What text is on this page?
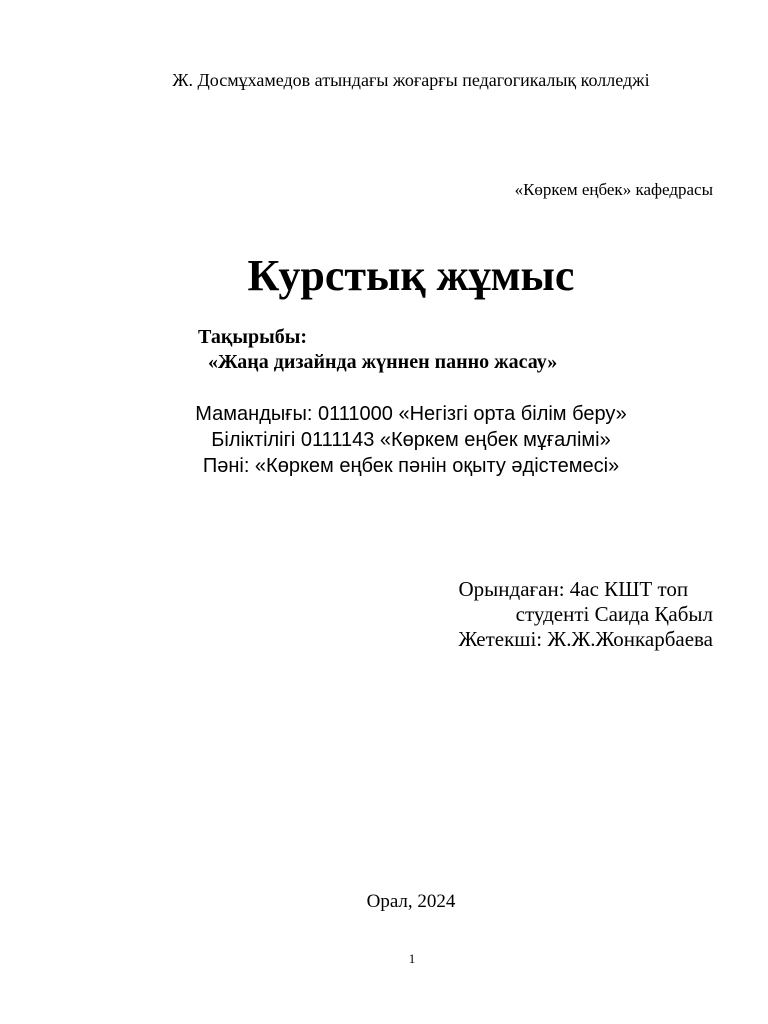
Ж. Досмұхамедов атындағы жоғарғы педагогикалық колледжі
«Көркем еңбек» кафедрасы
Курстық жұмыс
Тақырыбы:
«Жаңа дизайнда жүннен панно жасау»
Мамандығы: 0111000 «Негізгі орта білім беру»
Біліктілігі 0111143 «Көркем еңбек мұғалімі»
Пәні: «Көркем еңбек пәнін оқыту әдістемесі»
Орындаған: 4ас КШТ топ
студенті Саида Қабыл
Жетекші: Ж.Ж.Жонкарбаева
Орал, 2024
1
